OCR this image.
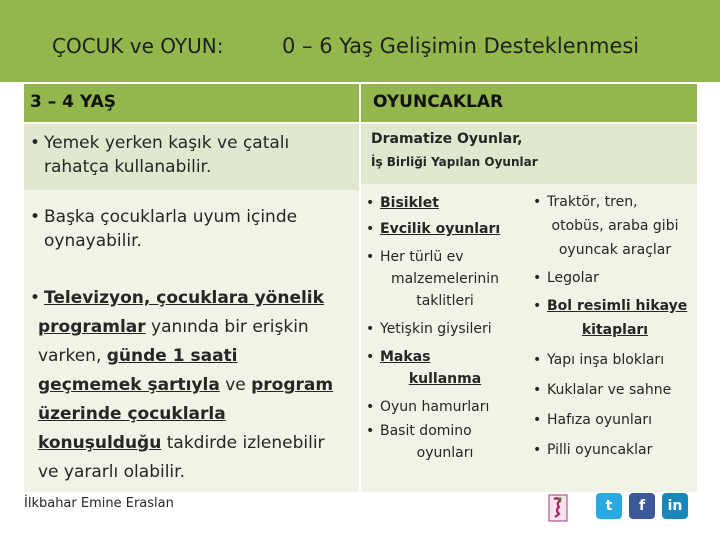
ÇOCUK ve OYUN:	0 – 6 Yaş Gelişimin Desteklenmesi
3 – 4 YAŞ	OYUNCAKLAR
• Yemek yerken kaşık ve çatalı
rahatça kullanabilir.
• Başka çocuklarla uyum içinde
oynayabilir.
• Televizyon, çocuklara yönelik
programlar yanında bir erişkin
varken, günde 1 saati
geçmemek şartıyla ve program
üzerinde çocuklarla
konuşulduğu takdirde izlenebilir
ve yararlı olabilir.
Dramatize Oyunlar,
İş Birliği Yapılan Oyunlar
• Bisiklet
• Evcilik oyunları
• Her türlü ev
malzemelerinin
taklitleri
• Yetişkin giysileri
• Makas
kullanma
• Oyun hamurları
• Basit domino
oyunları
• Traktör, tren,
otobüs, araba gibi
oyuncak araçlar
• Legolar
• Bol resimli hikaye
kitapları
• Yapı inşa blokları
• Kuklalar ve sahne
• Hafıza oyunları
• Pilli oyuncaklar
İlkbahar Emine Eraslan	t	f	in
